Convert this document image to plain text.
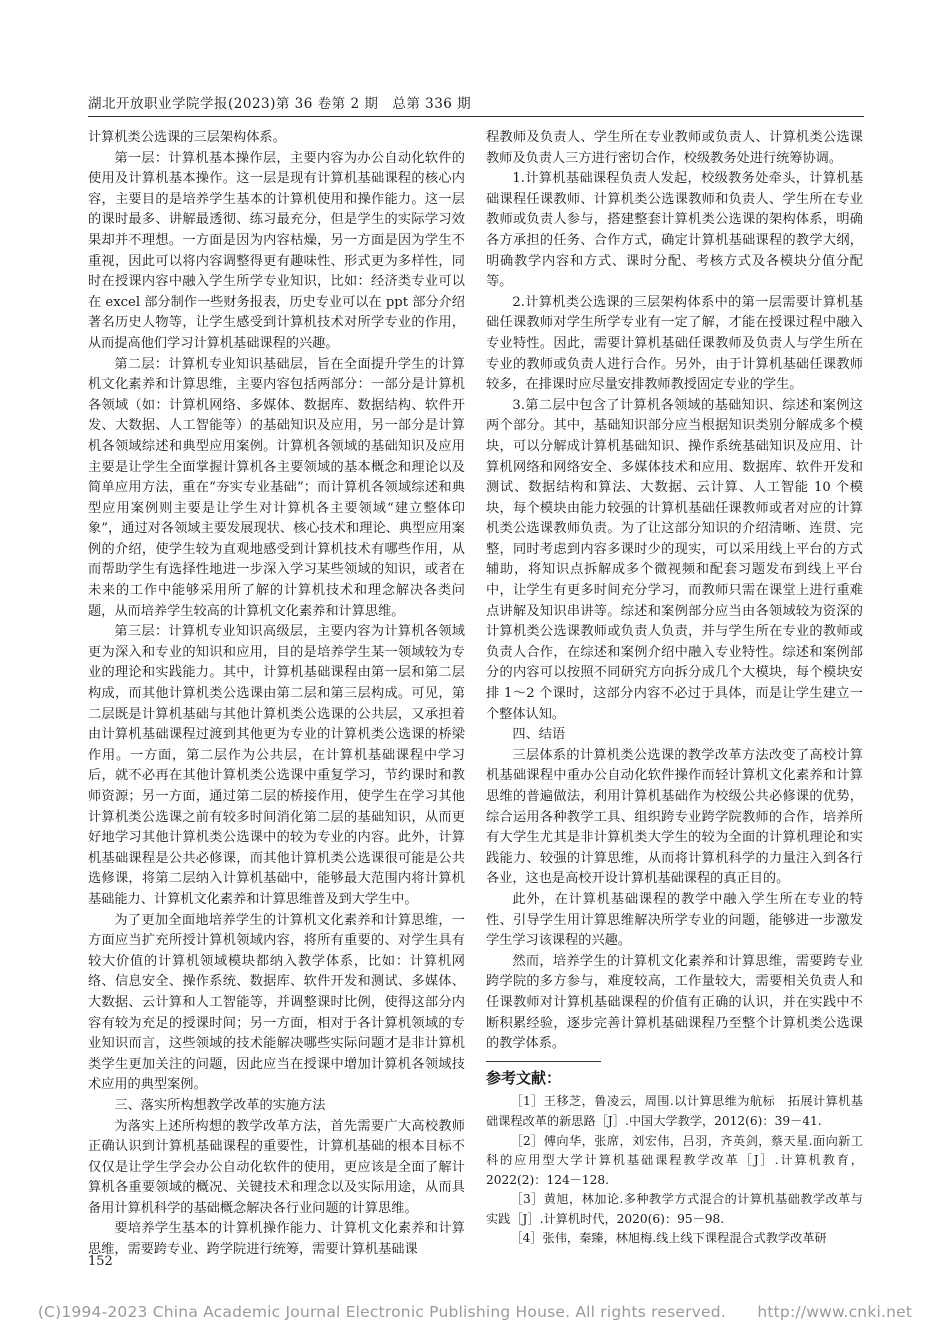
湖北开放职业学院学报(2023)第 36 卷第 2 期　总第 336 期

计算机类公选课的三层架构体系。

第一层：计算机基本操作层，主要内容为办公自动化软件的使用及计算机基本操作。这一层是现有计算机基础课程的核心内容，主要目的是培养学生基本的计算机使用和操作能力。这一层的课时最多、讲解最透彻、练习最充分，但是学生的实际学习效果却并不理想。一方面是因为内容枯燥，另一方面是因为学生不重视，因此可以将内容调整得更有趣味性、形式更为多样性，同时在授课内容中融入学生所学专业知识，比如：经济类专业可以在 excel 部分制作一些财务报表，历史专业可以在 ppt 部分介绍著名历史人物等，让学生感受到计算机技术对所学专业的作用，从而提高他们学习计算机基础课程的兴趣。

第二层：计算机专业知识基础层，旨在全面提升学生的计算机文化素养和计算思维，主要内容包括两部分：一部分是计算机各领域（如：计算机网络、多媒体、数据库、数据结构、软件开发、大数据、人工智能等）的基础知识及应用，另一部分是计算机各领域综述和典型应用案例。计算机各领域的基础知识及应用主要是让学生全面掌握计算机各主要领域的基本概念和理论以及简单应用方法，重在“夯实专业基础”；而计算机各领域综述和典型应用案例则主要是让学生对计算机各主要领域“建立整体印象”，通过对各领域主要发展现状、核心技术和理论、典型应用案例的介绍，使学生较为直观地感受到计算机技术有哪些作用，从而帮助学生有选择性地进一步深入学习某些领域的知识，或者在未来的工作中能够采用所了解的计算机技术和理念解决各类问题，从而培养学生较高的计算机文化素养和计算思维。

第三层：计算机专业知识高级层，主要内容为计算机各领域更为深入和专业的知识和应用，目的是培养学生某一领域较为专业的理论和实践能力。其中，计算机基础课程由第一层和第二层构成，而其他计算机类公选课由第二层和第三层构成。可见，第二层既是计算机基础与其他计算机类公选课的公共层，又承担着由计算机基础课程过渡到其他更为专业的计算机类公选课的桥梁作用。一方面，第二层作为公共层，在计算机基础课程中学习后，就不必再在其他计算机类公选课中重复学习，节约课时和教师资源；另一方面，通过第二层的桥接作用，使学生在学习其他计算机类公选课之前有较多时间消化第二层的基础知识，从而更好地学习其他计算机类公选课中的较为专业的内容。此外，计算机基础课程是公共必修课，而其他计算机类公选课很可能是公共选修课，将第二层纳入计算机基础中，能够最大范围内将计算机基础能力、计算机文化素养和计算思维普及到大学生中。

为了更加全面地培养学生的计算机文化素养和计算思维，一方面应当扩充所授计算机领域内容，将所有重要的、对学生具有较大价值的计算机领域模块都纳入教学体系，比如：计算机网络、信息安全、操作系统、数据库、软件开发和测试、多媒体、大数据、云计算和人工智能等，并调整课时比例，使得这部分内容有较为充足的授课时间；另一方面，相对于各计算机领域的专业知识而言，这些领域的技术能解决哪些实际问题才是非计算机类学生更加关注的问题，因此应当在授课中增加计算机各领域技术应用的典型案例。

三、落实所构想教学改革的实施方法

为落实上述所构想的教学改革方法，首先需要广大高校教师正确认识到计算机基础课程的重要性，计算机基础的根本目标不仅仅是让学生学会办公自动化软件的使用，更应该是全面了解计算机各重要领域的概况、关键技术和理念以及实际用途，从而具备用计算机科学的基础概念解决各行业问题的计算思维。

要培养学生基本的计算机操作能力、计算机文化素养和计算思维，需要跨专业、跨学院进行统筹，需要计算机基础课

程教师及负责人、学生所在专业教师或负责人、计算机类公选课教师及负责人三方进行密切合作，校级教务处进行统筹协调。

1.计算机基础课程负责人发起，校级教务处牵头，计算机基础课程任课教师、计算机类公选课教师和负责人、学生所在专业教师或负责人参与，搭建整套计算机类公选课的架构体系，明确各方承担的任务、合作方式，确定计算机基础课程的教学大纲，明确教学内容和方式、课时分配、考核方式及各模块分值分配等。

2.计算机类公选课的三层架构体系中的第一层需要计算机基础任课教师对学生所学专业有一定了解，才能在授课过程中融入专业特性。因此，需要计算机基础任课教师及负责人与学生所在专业的教师或负责人进行合作。另外，由于计算机基础任课教师较多，在排课时应尽量安排教师教授固定专业的学生。

3.第二层中包含了计算机各领域的基础知识、综述和案例这两个部分。其中，基础知识部分应当根据知识类别分解成多个模块，可以分解成计算机基础知识、操作系统基础知识及应用、计算机网络和网络安全、多媒体技术和应用、数据库、软件开发和测试、数据结构和算法、大数据、云计算、人工智能 10 个模块，每个模块由能力较强的计算机基础任课教师或者对应的计算机类公选课教师负责。为了让这部分知识的介绍清晰、连贯、完整，同时考虑到内容多课时少的现实，可以采用线上平台的方式辅助，将知识点拆解成多个微视频和配套习题发布到线上平台中，让学生有更多时间充分学习，而教师只需在课堂上进行重难点讲解及知识串讲等。综述和案例部分应当由各领域较为资深的计算机类公选课教师或负责人负责，并与学生所在专业的教师或负责人合作，在综述和案例介绍中融入专业特性。综述和案例部分的内容可以按照不同研究方向拆分成几个大模块，每个模块安排 1～2 个课时，这部分内容不必过于具体，而是让学生建立一个整体认知。

四、结语

三层体系的计算机类公选课的教学改革方法改变了高校计算机基础课程中重办公自动化软件操作而轻计算机文化素养和计算思维的普遍做法，利用计算机基础作为校级公共必修课的优势，综合运用各种教学工具、组织跨专业跨学院教师的合作，培养所有大学生尤其是非计算机类大学生的较为全面的计算机理论和实践能力、较强的计算思维，从而将计算机科学的力量注入到各行各业，这也是高校开设计算机基础课程的真正目的。

此外，在计算机基础课程的教学中融入学生所在专业的特性、引导学生用计算思维解决所学专业的问题，能够进一步激发学生学习该课程的兴趣。

然而，培养学生的计算机文化素养和计算思维，需要跨专业跨学院的多方参与，难度较高，工作量较大，需要相关负责人和任课教师对计算机基础课程的价值有正确的认识，并在实践中不断积累经验，逐步完善计算机基础课程乃至整个计算机类公选课的教学体系。

参考文献：

［1］王移芝，鲁凌云，周围.以计算思维为航标　拓展计算机基础课程改革的新思路［J］.中国大学教学，2012(6)：39－41.

［2］傅向华，张席，刘宏伟，吕羽，齐英剑，蔡天星.面向新工科的应用型大学计算机基础课程教学改革［J］.计算机教育，2022(2)：124－128.

［3］黄旭，林加论.多种教学方式混合的计算机基础教学改革与实践［J］.计算机时代，2020(6)：95－98.

［4］张伟，秦臻，林旭梅.线上线下课程混合式教学改革研

152
(C)1994-2023 China Academic Journal Electronic Publishing House. All rights reserved.　　http://www.cnki.net
